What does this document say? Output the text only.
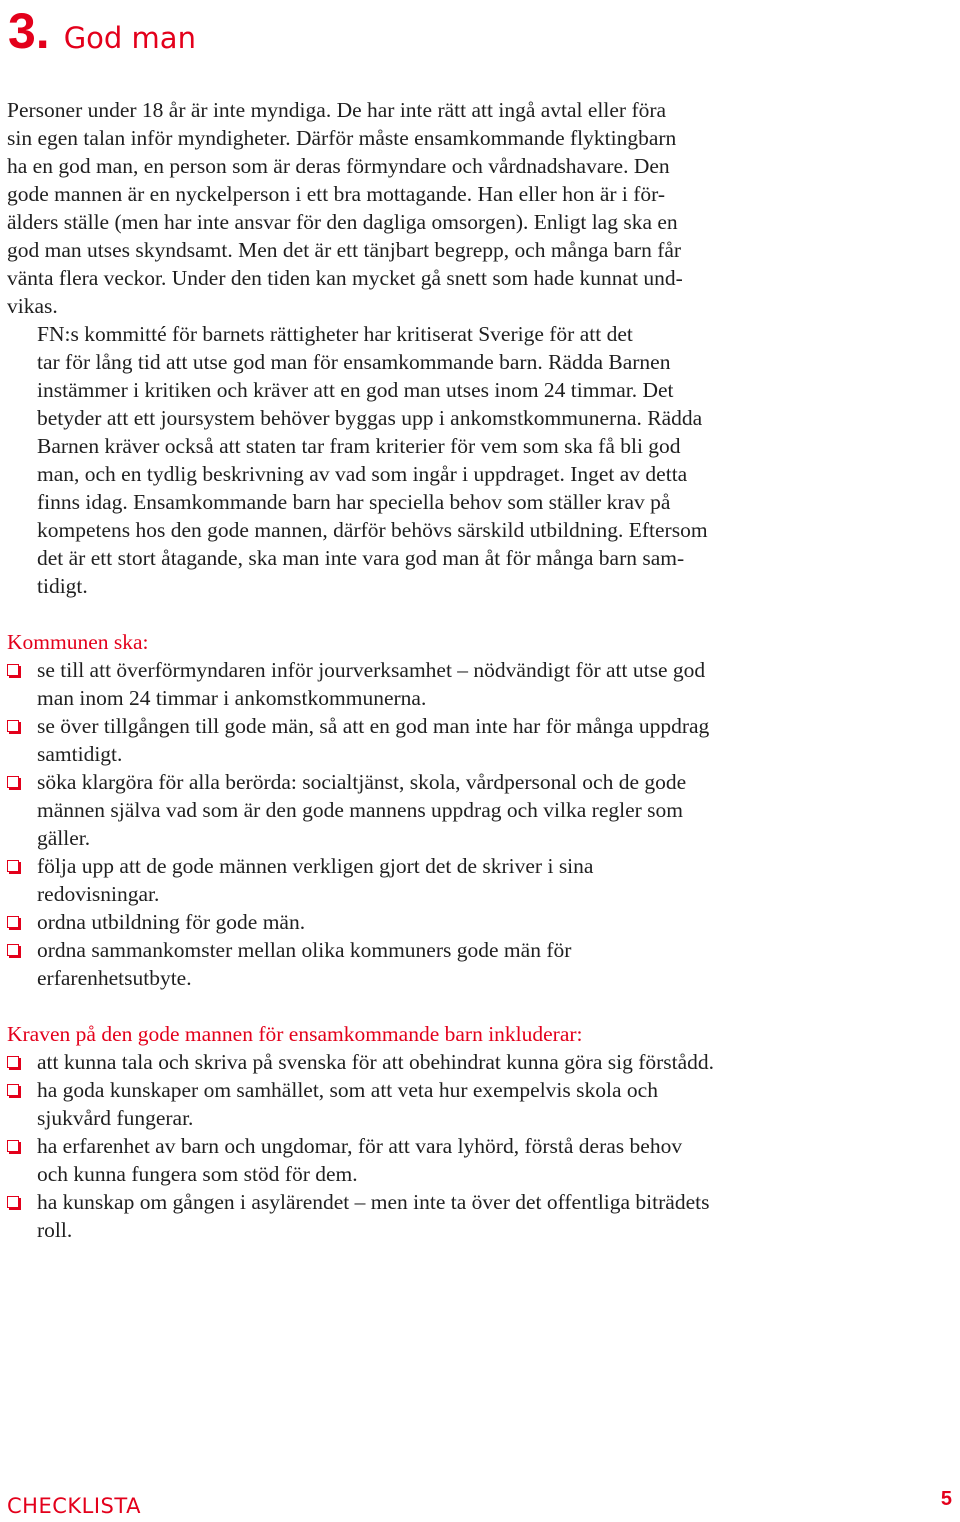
3. God man

Personer under 18 år är inte myndiga. De har inte rätt att ingå avtal eller föra
sin egen talan inför myndigheter. Därför måste ensamkommande flyktingbarn
ha en god man, en person som är deras förmyndare och vårdnadshavare. Den
gode mannen är en nyckelperson i ett bra mottagande. Han eller hon är i för-
älders ställe (men har inte ansvar för den dagliga omsorgen). Enligt lag ska en
god man utses skyndsamt. Men det är ett tänjbart begrepp, och många barn får
vänta flera veckor. Under den tiden kan mycket gå snett som hade kunnat und-
vikas.

FN:s kommitté för barnets rättigheter har kritiserat Sverige för att det
tar för lång tid att utse god man för ensamkommande barn. Rädda Barnen
instämmer i kritiken och kräver att en god man utses inom 24 timmar. Det
betyder att ett joursystem behöver byggas upp i ankomstkommunerna. Rädda
Barnen kräver också att staten tar fram kriterier för vem som ska få bli god
man, och en tydlig beskrivning av vad som ingår i uppdraget. Inget av detta
finns idag. Ensamkommande barn har speciella behov som ställer krav på
kompetens hos den gode mannen, därför behövs särskild utbildning. Eftersom
det är ett stort åtagande, ska man inte vara god man åt för många barn sam-
tidigt.

Kommunen ska:
se till att överförmyndaren inför jourverksamhet – nödvändigt för att utse god
man inom 24 timmar i ankomstkommunerna.
se över tillgången till gode män, så att en god man inte har för många uppdrag
samtidigt.
söka klargöra för alla berörda: socialtjänst, skola, vårdpersonal och de gode
männen själva vad som är den gode mannens uppdrag och vilka regler som
gäller.
följa upp att de gode männen verkligen gjort det de skriver i sina
redovisningar.
ordna utbildning för gode män.
ordna sammankomster mellan olika kommuners gode män för
erfarenhetsutbyte.
Kraven på den gode mannen för ensamkommande barn inkluderar:
att kunna tala och skriva på svenska för att obehindrat kunna göra sig förstådd.
ha goda kunskaper om samhället, som att veta hur exempelvis skola och
sjukvård fungerar.
ha erfarenhet av barn och ungdomar, för att vara lyhörd, förstå deras behov
och kunna fungera som stöd för dem.
ha kunskap om gången i asylärendet – men inte ta över det offentliga biträdets
roll.
CHECKLISTA	5
